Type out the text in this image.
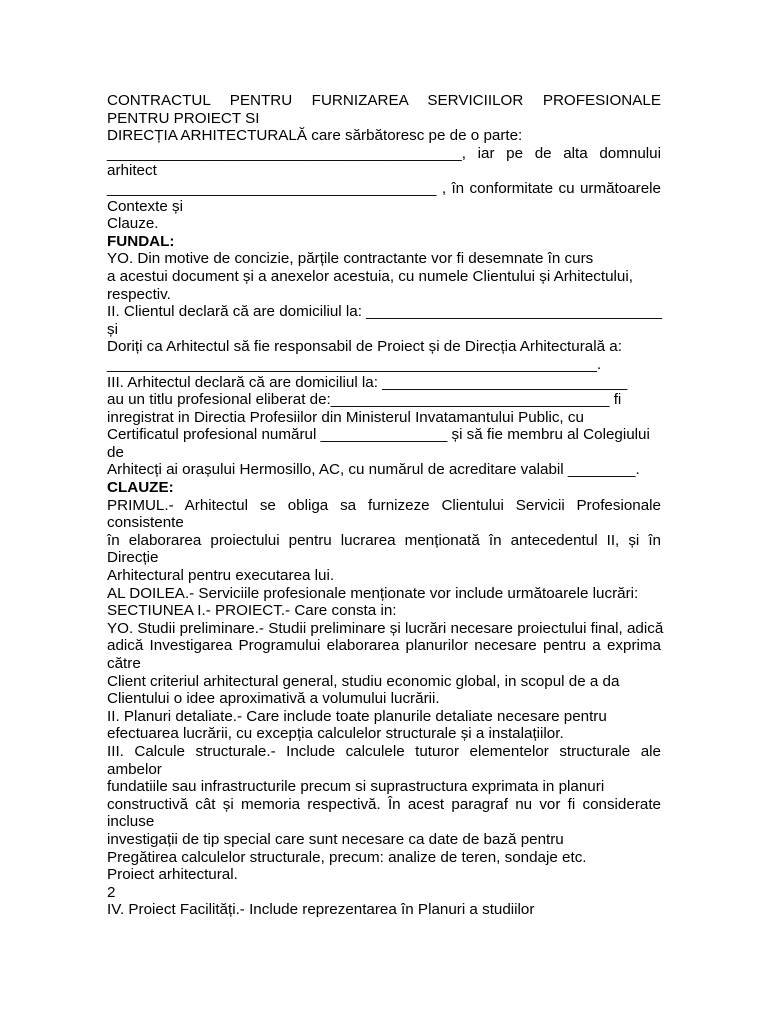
CONTRACTUL PENTRU FURNIZAREA SERVICIILOR PROFESIONALE
PENTRU PROIECT SI
DIRECȚIA ARHITECTURALĂ care sărbătoresc pe de o parte:
__________________________________________, iar pe de alta domnului
arhitect
_______________________________________ , în conformitate cu următoarele
Contexte și
Clauze.
FUNDAL:
YO. Din motive de concizie, părțile contractante vor fi desemnate în curs
a acestui document și a anexelor acestuia, cu numele Clientului și Arhitectului,
respectiv.
II. Clientul declară că are domiciliul la: ___________________________________
și
Doriți ca Arhitectul să fie responsabil de Proiect și de Direcția Arhitecturală a:
__________________________________________________________.
III. Arhitectul declară că are domiciliul la: _____________________________
au un titlu profesional eliberat de:_________________________________ fi
inregistrat in Directia Profesiilor din Ministerul Invatamantului Public, cu
Certificatul profesional numărul _______________ și să fie membru al Colegiului
de
Arhitecți ai orașului Hermosillo, AC, cu numărul de acreditare valabil ________.
CLAUZE:
PRIMUL.- Arhitectul se obliga sa furnizeze Clientului Servicii Profesionale
consistente
în elaborarea proiectului pentru lucrarea menționată în antecedentul II, și în
Direcție
Arhitectural pentru executarea lui.
AL DOILEA.- Serviciile profesionale menționate vor include următoarele lucrări:
SECTIUNEA I.- PROIECT.- Care consta in:
YO. Studii preliminare.- Studii preliminare și lucrări necesare proiectului final, adică
adică Investigarea Programului elaborarea planurilor necesare pentru a exprima
către
Client criteriul arhitectural general, studiu economic global, in scopul de a da
Clientului o idee aproximativă a volumului lucrării.
II. Planuri detaliate.- Care include toate planurile detaliate necesare pentru
efectuarea lucrării, cu excepția calculelor structurale și a instalațiilor.
III. Calcule structurale.- Include calculele tuturor elementelor structurale ale
ambelor
fundatiile sau infrastructurile precum si suprastructura exprimata in planuri
constructivă cât și memoria respectivă. În acest paragraf nu vor fi considerate
incluse
investigații de tip special care sunt necesare ca date de bază pentru
Pregătirea calculelor structurale, precum: analize de teren, sondaje etc.
Proiect arhitectural.
2
IV. Proiect Facilități.- Include reprezentarea în Planuri a studiilor
